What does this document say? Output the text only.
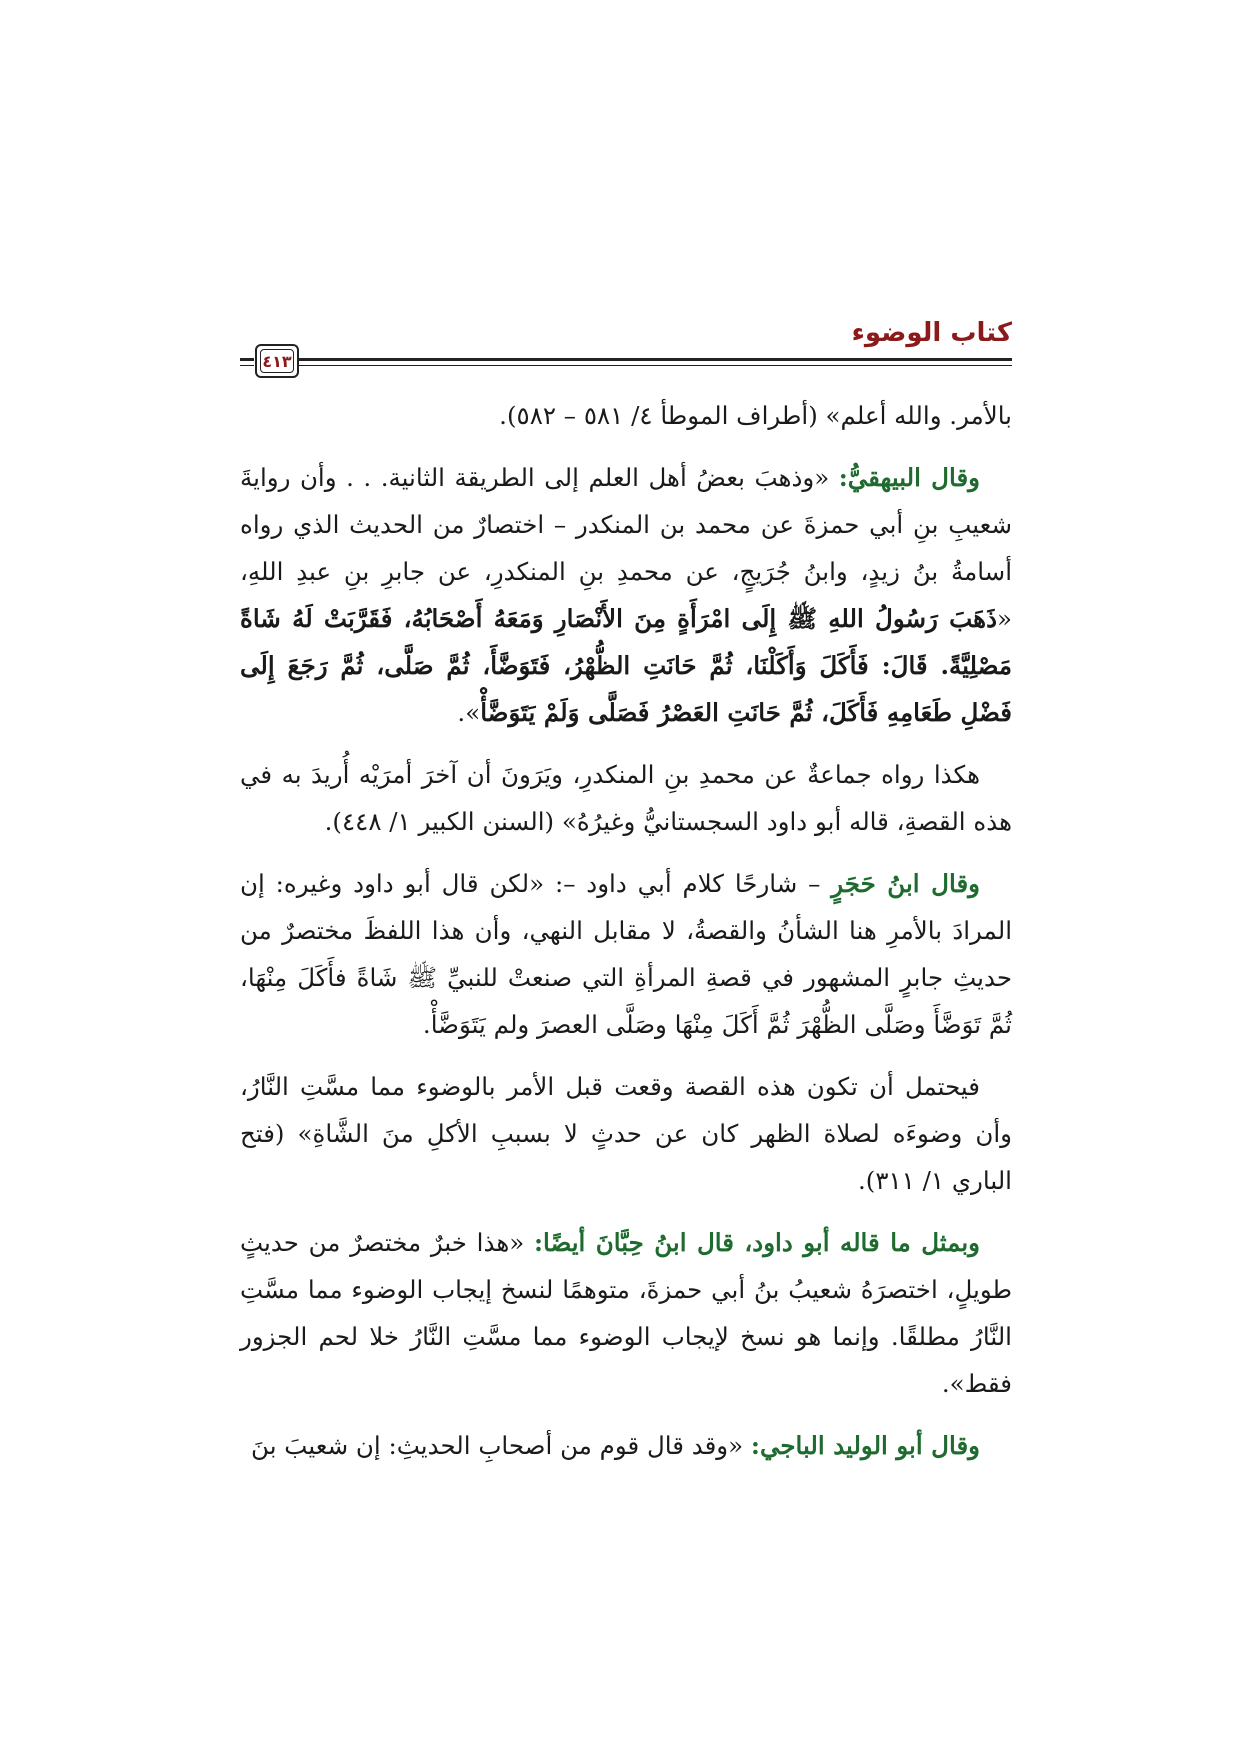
كتاب الوضوء
٤١٣

بالأمر. والله أعلم» (أطراف الموطأ ٤/ ٥٨١ – ٥٨٢).

وقال البيهقيُّ: «وذهبَ بعضُ أهل العلم إلى الطريقة الثانية. . . وأن روايةَ شعيبِ بنِ أبي حمزةَ عن محمد بن المنكدر – اختصارٌ من الحديث الذي رواه أسامةُ بنُ زيدٍ، وابنُ جُرَيجٍ، عن محمدِ بنِ المنكدرِ، عن جابرِ بنِ عبدِ اللهِ، «ذَهَبَ رَسُولُ اللهِ ﷺ إِلَى امْرَأَةٍ مِنَ الأَنْصَارِ وَمَعَهُ أَصْحَابُهُ، فَقَرَّبَتْ لَهُ شَاةً مَصْلِيَّةً. قَالَ: فَأَكَلَ وَأَكَلْنَا، ثُمَّ حَانَتِ الظُّهْرُ، فَتَوَضَّأَ، ثُمَّ صَلَّى، ثُمَّ رَجَعَ إِلَى فَضْلِ طَعَامِهِ فَأَكَلَ، ثُمَّ حَانَتِ العَصْرُ فَصَلَّى وَلَمْ يَتَوَضَّأْ».

هكذا رواه جماعةٌ عن محمدِ بنِ المنكدرِ، ويَرَونَ أن آخرَ أمرَيْه أُريدَ به في هذه القصةِ، قاله أبو داود السجستانيُّ وغيرُهُ» (السنن الكبير ١/ ٤٤٨).

وقال ابنُ حَجَرٍ – شارحًا كلام أبي داود –: «لكن قال أبو داود وغيره: إن المرادَ بالأمرِ هنا الشأنُ والقصةُ، لا مقابل النهي، وأن هذا اللفظَ مختصرٌ من حديثِ جابرٍ المشهور في قصةِ المرأةِ التي صنعتْ للنبيِّ ﷺ شَاةً فأَكَلَ مِنْهَا، ثُمَّ تَوَضَّأَ وصَلَّى الظُّهْرَ ثُمَّ أَكَلَ مِنْهَا وصَلَّى العصرَ ولم يَتَوَضَّأْ.

فيحتمل أن تكون هذه القصة وقعت قبل الأمر بالوضوء مما مسَّتِ النَّارُ، وأن وضوءَه لصلاة الظهر كان عن حدثٍ لا بسببِ الأكلِ منَ الشَّاةِ» (فتح الباري ١/ ٣١١).

وبمثل ما قاله أبو داود، قال ابنُ حِبَّانَ أيضًا: «هذا خبرٌ مختصرٌ من حديثٍ طويلٍ، اختصرَهُ شعيبُ بنُ أبي حمزةَ، متوهمًا لنسخ إيجاب الوضوء مما مسَّتِ النَّارُ مطلقًا. وإنما هو نسخ لإيجاب الوضوء مما مسَّتِ النَّارُ خلا لحم الجزور فقط».

وقال أبو الوليد الباجي: «وقد قال قوم من أصحابِ الحديثِ: إن شعيبَ بنَ
